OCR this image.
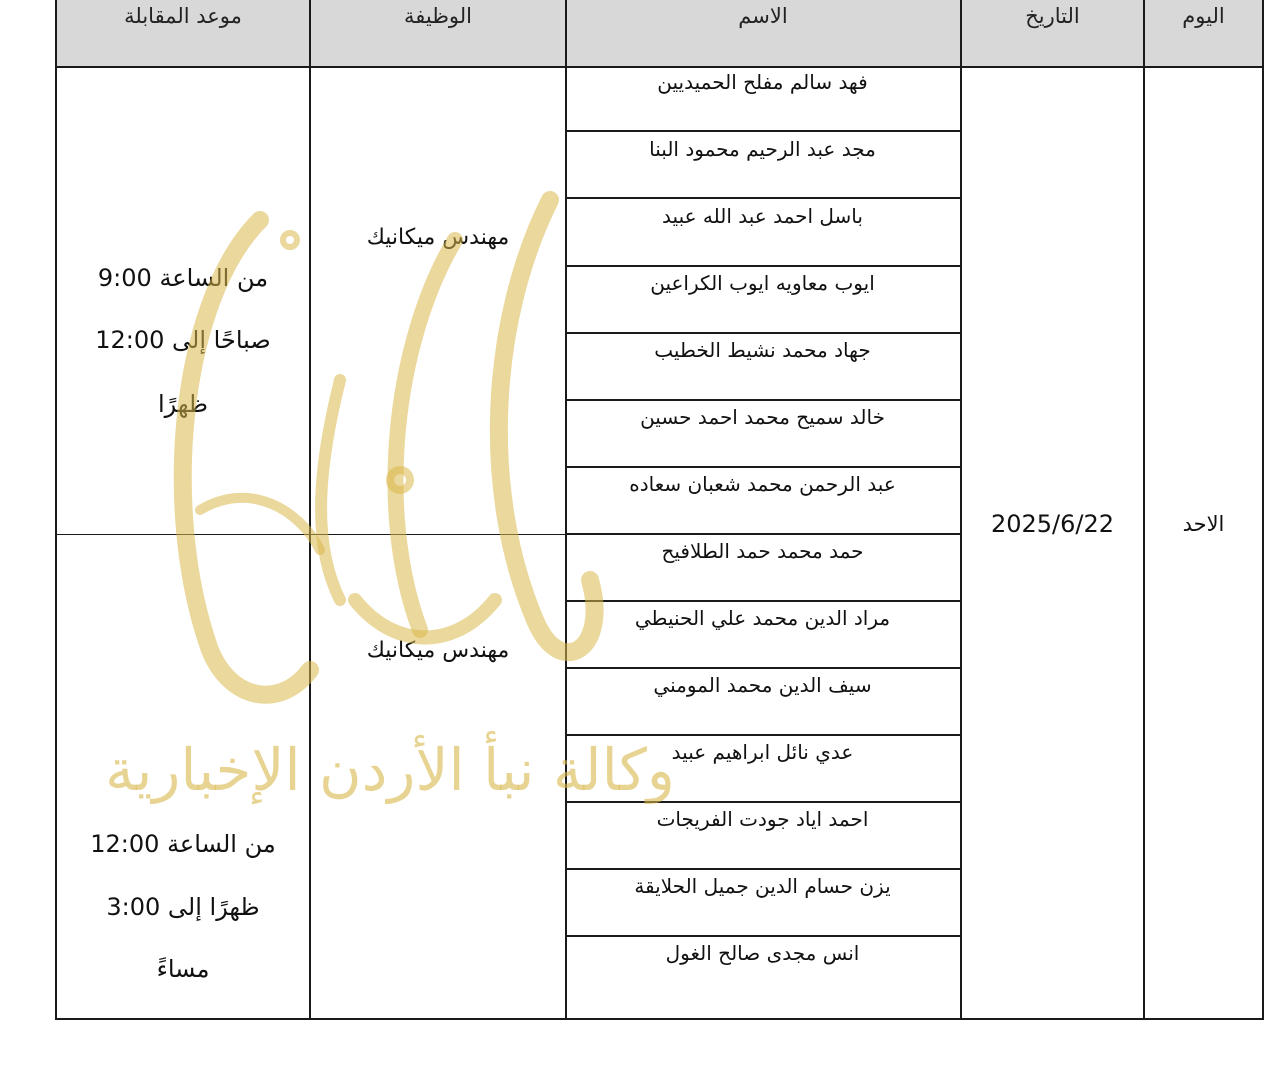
اليوم
التاريخ
الاسم
الوظيفة
موعد المقابلة
الاحد
2025/6/22
فهد سالم مفلح الحميديين
مجد عبد الرحيم محمود البنا
باسل احمد عبد الله عبيد
ايوب معاويه ايوب الكراعين
جهاد محمد نشيط الخطيب
خالد سميح محمد احمد حسين
عبد الرحمن محمد شعبان سعاده
حمد محمد حمد الطلافيح
مراد الدين محمد علي الحنيطي
سيف الدين محمد المومني
عدي نائل ابراهيم عبيد
احمد اياد جودت الفريجات
يزن حسام الدين جميل الحلايقة
انس مجدى صالح الغول
مهندس ميكانيك
مهندس ميكانيك
من الساعة 9:00
صباحًا إلى 12:00
ظهرًا
من الساعة 12:00
ظهرًا إلى 3:00
مساءً
وكالة نبأ الأردن الإخبارية
